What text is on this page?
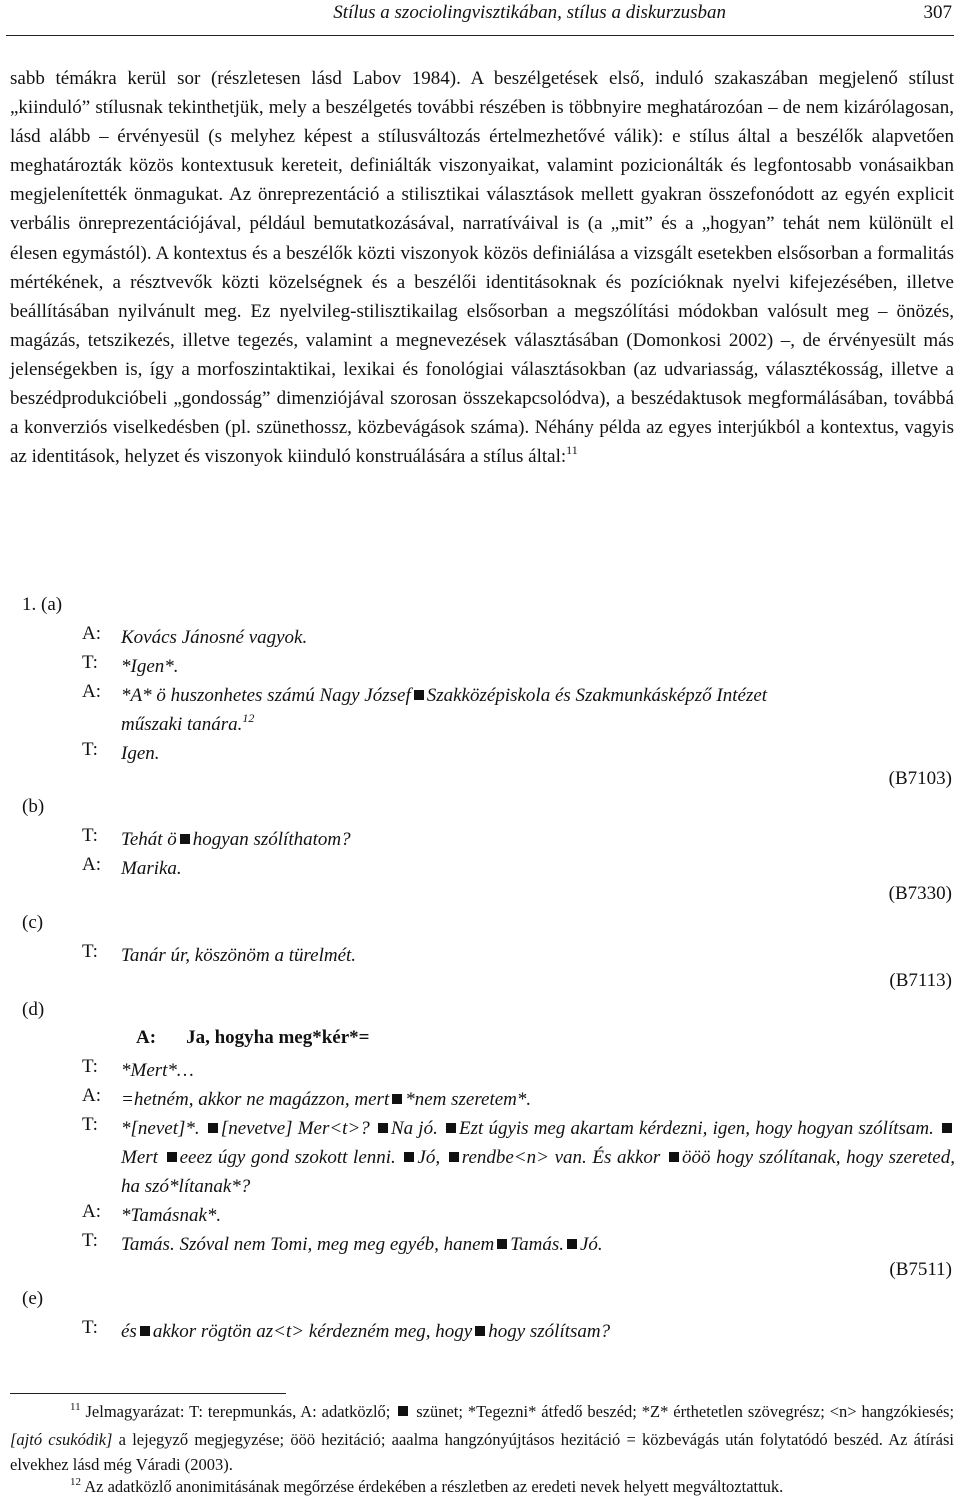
Stílus a szociolingvisztikában, stílus a diskurzusban	307

sabb témákra kerül sor (részletesen lásd Labov 1984). A beszélgetések első, induló szakaszában megjelenő stílust „kiinduló” stílusnak tekinthetjük, mely a beszélgetés további részében is többnyire meghatározóan – de nem kizárólagosan, lásd alább – érvényesül (s melyhez képest a stílusváltozás értelmezhetővé válik): e stílus által a beszélők alapvetően meghatározták közös kontextusuk kereteit, definiálták viszonyaikat, valamint pozicionálták és legfontosabb vonásaikban megjelenítették önmagukat. Az önreprezentáció a stilisztikai választások mellett gyakran összefonódott az egyén explicit verbális önreprezentációjával, például bemutatkozásával, narratíváival is (a „mit” és a „hogyan” tehát nem különült el élesen egymástól). A kontextus és a beszélők közti viszonyok közös definiálása a vizsgált esetekben elsősorban a formalitás mértékének, a résztvevők közti közelségnek és a beszélői identitásoknak és pozícióknak nyelvi kifejezésében, illetve beállításában nyilvánult meg. Ez nyelvileg-stilisztikailag elsősorban a megszólítási módokban valósult meg – önözés, magázás, tetszikezés, illetve tegezés, valamint a megnevezések választásában (Domonkosi 2002) –, de érvényesült más jelenségekben is, így a morfoszintaktikai, lexikai és fonológiai választásokban (az udvariasság, választékosság, illetve a beszédprodukcióbeli „gondosság” dimenziójával szorosan összekapcsolódva), a beszédaktusok megformálásában, továbbá a konverziós viselkedésben (pl. szünethossz, közbevágások száma). Néhány példa az egyes interjúkból a kontextus, vagyis az identitások, helyzet és viszonyok kiinduló konstruálására a stílus által:$^{11}$

1. (a)
A: Kovács Jánosné vagyok.
T: *Igen*.
A: *A* ö huszonhetes számú Nagy József Szakközépiskola és Szakmunkásképző Intézet
műszaki tanára.$^{12}$
T: Igen.
(B7103)
(b)
T: Tehát ö hogyan szólíthatom?
A: Marika.
(B7330)
(c)
T: Tanár úr, köszönöm a türelmét.
(B7113)
(d)
A: Ja, hogyha meg*kér*=
T: *Mert*…
A: =hetném, akkor ne magázzon, mert *nem szeretem*.
T: *[nevet]*. [nevetve] Mer<t>? Na jó. Ezt úgyis meg akartam kérdezni, igen, hogy hogyan szólítsam. Mert eeez úgy gond szokott lenni. Jó, rendbe<n> van. És akkor ööö hogy szólítanak, hogy szereted, ha szó*lítanak*?
A: *Tamásnak*.
T: Tamás. Szóval nem Tomi, meg meg egyéb, hanem Tamás. Jó.
(B7511)
(e)
T: és akkor rögtön az<t> kérdezném meg, hogy hogy szólítsam?
$^{11}$ Jelmagyarázat: T: terepmunkás, A: adatközlő; szünet; *Tegezni* átfedő beszéd; *Z* érthetetlen szövegrész; <n> hangzókiesés; [ajtó csukódik] a lejegyző megjegyzése; ööö hezitáció; aaalma hangzónyújtásos hezitáció = közbevágás után folytatódó beszéd. Az átírási elvekhez lásd még Váradi (2003).
$^{12}$ Az adatközlő anonimitásának megőrzése érdekében a részletben az eredeti nevek helyett megváltoztattuk.
